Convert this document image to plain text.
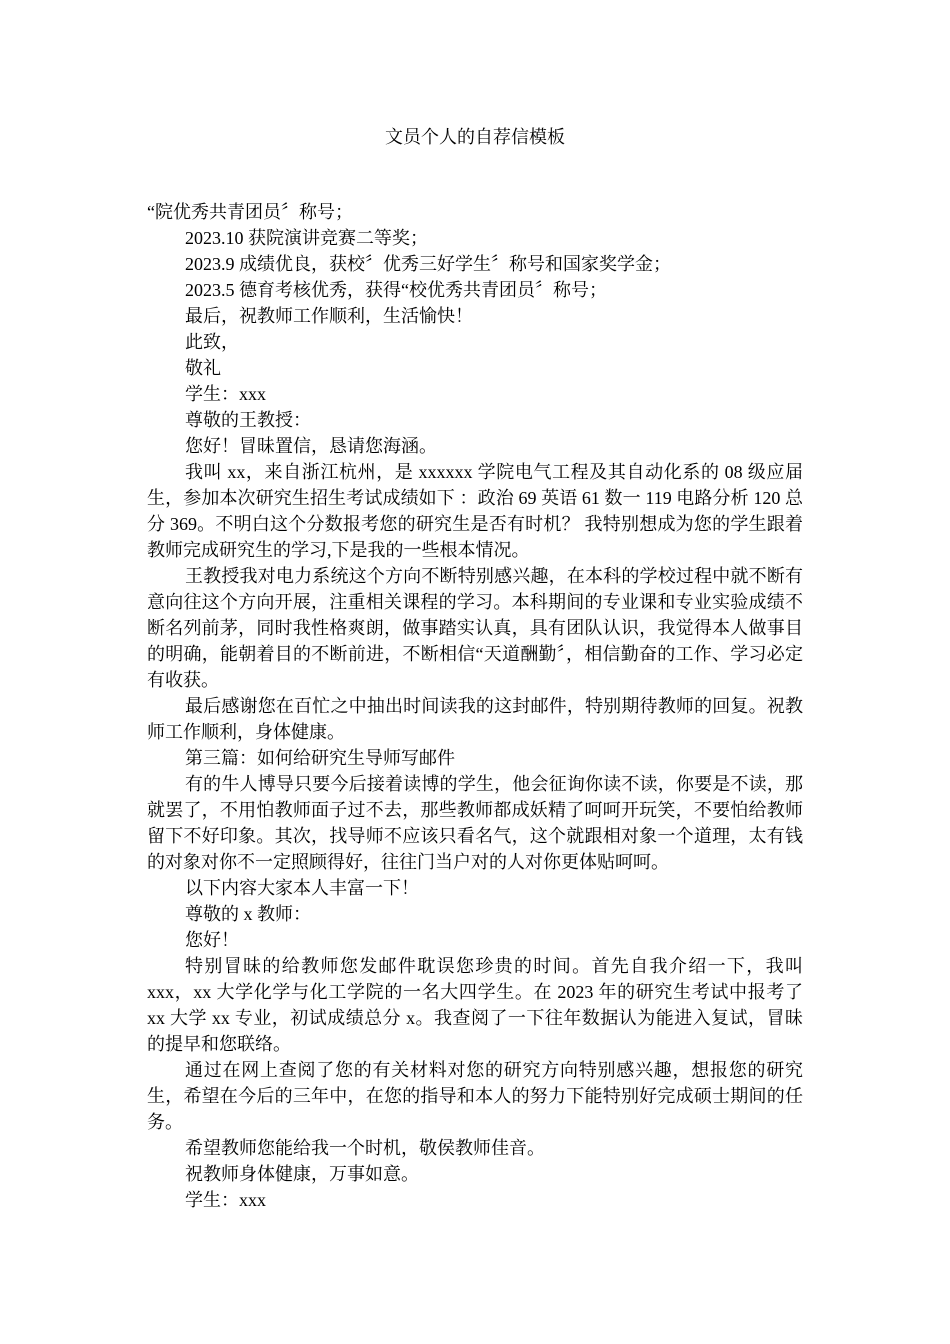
文员个人的自荐信模板

“院优秀共青团员〞称号；

2023.10 获院演讲竞赛二等奖；

2023.9 成绩优良，获校〞优秀三好学生〞称号和国家奖学金；

2023.5 德育考核优秀，获得“校优秀共青团员〞称号；

最后，祝教师工作顺利，生活愉快！

此致，

敬礼

学生：xxx

尊敬的王教授：

您好！冒昧置信，恳请您海涵。

我叫 xx，来自浙江杭州，是 xxxxxx 学院电气工程及其自动化系的 08 级应届生，参加本次研究生招生考试成绩如下 ：政治 69 英语 61 数一 119 电路分析 120 总分 369。不明白这个分数报考您的研究生是否有时机？ 我特别想成为您的学生跟着教师完成研究生的学习,下是我的一些根本情况。

王教授我对电力系统这个方向不断特别感兴趣，在本科的学校过程中就不断有意向往这个方向开展，注重相关课程的学习。本科期间的专业课和专业实验成绩不断名列前茅，同时我性格爽朗，做事踏实认真，具有团队认识，我觉得本人做事目的明确，能朝着目的不断前进，不断相信“天道酬勤〞，相信勤奋的工作、学习必定有收获。

最后感谢您在百忙之中抽出时间读我的这封邮件，特别期待教师的回复。祝教师工作顺利，身体健康。

第三篇：如何给研究生导师写邮件

有的牛人博导只要今后接着读博的学生，他会征询你读不读，你要是不读，那就罢了，不用怕教师面子过不去，那些教师都成妖精了呵呵开玩笑，不要怕给教师留下不好印象。其次，找导师不应该只看名气，这个就跟相对象一个道理，太有钱的对象对你不一定照顾得好，往往门当户对的人对你更体贴呵呵。

以下内容大家本人丰富一下！

尊敬的 x 教师：

您好！

特别冒昧的给教师您发邮件耽误您珍贵的时间。首先自我介绍一下，我叫 xxx，xx 大学化学与化工学院的一名大四学生。在 2023 年的研究生考试中报考了 xx 大学 xx 专业，初试成绩总分 x。我查阅了一下往年数据认为能进入复试，冒昧的提早和您联络。

通过在网上查阅了您的有关材料对您的研究方向特别感兴趣，想报您的研究生，希望在今后的三年中，在您的指导和本人的努力下能特别好完成硕士期间的任务。

希望教师您能给我一个时机，敬侯教师佳音。

祝教师身体健康，万事如意。

学生：xxx
